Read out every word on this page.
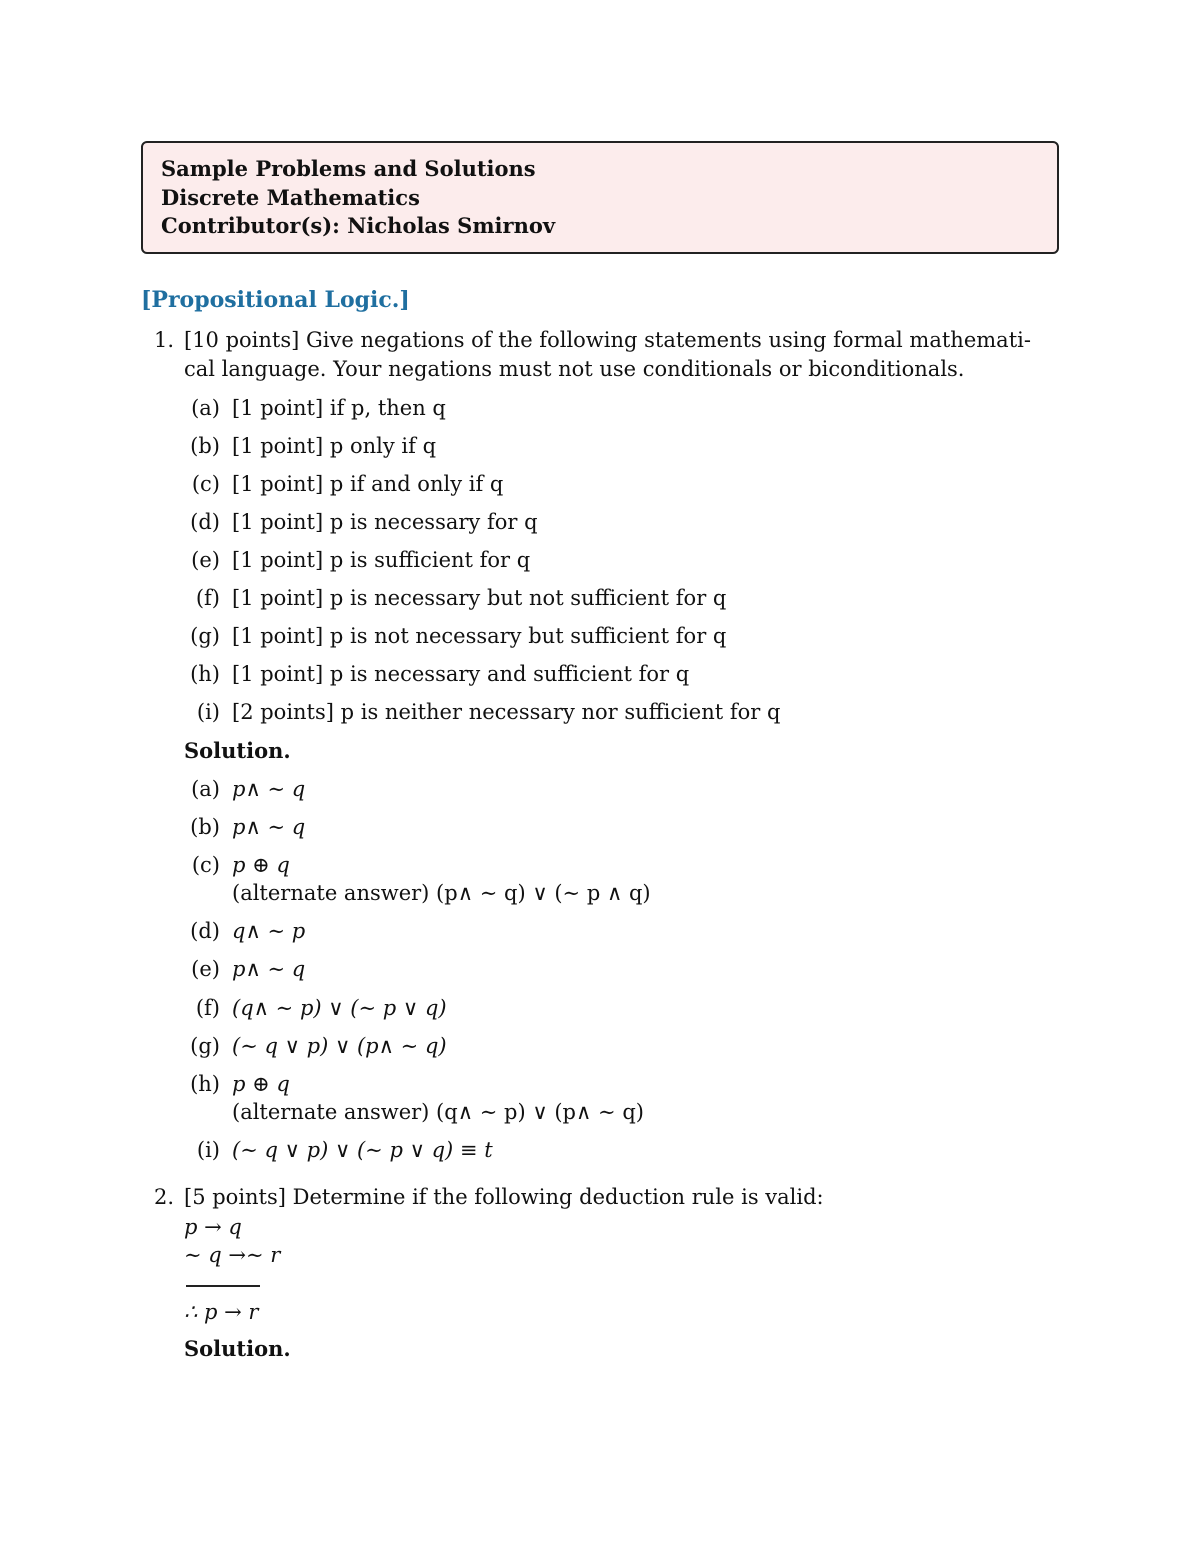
Sample Problems and Solutions
Discrete Mathematics
Contributor(s): Nicholas Smirnov
[Propositional Logic.]
1. [10 points] Give negations of the following statements using formal mathemati-
cal language. Your negations must not use conditionals or biconditionals.
(a) [1 point] if p, then q
(b) [1 point] p only if q
(c) [1 point] p if and only if q
(d) [1 point] p is necessary for q
(e) [1 point] p is sufficient for q
(f) [1 point] p is necessary but not sufficient for q
(g) [1 point] p is not necessary but sufficient for q
(h) [1 point] p is necessary and sufficient for q
(i) [2 points] p is neither necessary nor sufficient for q
Solution.
(a) p∧ ∼ q
(b) p∧ ∼ q
(c) p ⊕ q
(alternate answer) (p∧ ∼ q) ∨ (∼ p ∧ q)
(d) q∧ ∼ p
(e) p∧ ∼ q
(f) (q∧ ∼ p) ∨ (∼ p ∨ q)
(g) (∼ q ∨ p) ∨ (p∧ ∼ q)
(h) p ⊕ q
(alternate answer) (q∧ ∼ p) ∨ (p∧ ∼ q)
(i) (∼ q ∨ p) ∨ (∼ p ∨ q) ≡ t
2. [5 points] Determine if the following deduction rule is valid:
p → q
∼ q →∼ r
∴ p → r
Solution.
